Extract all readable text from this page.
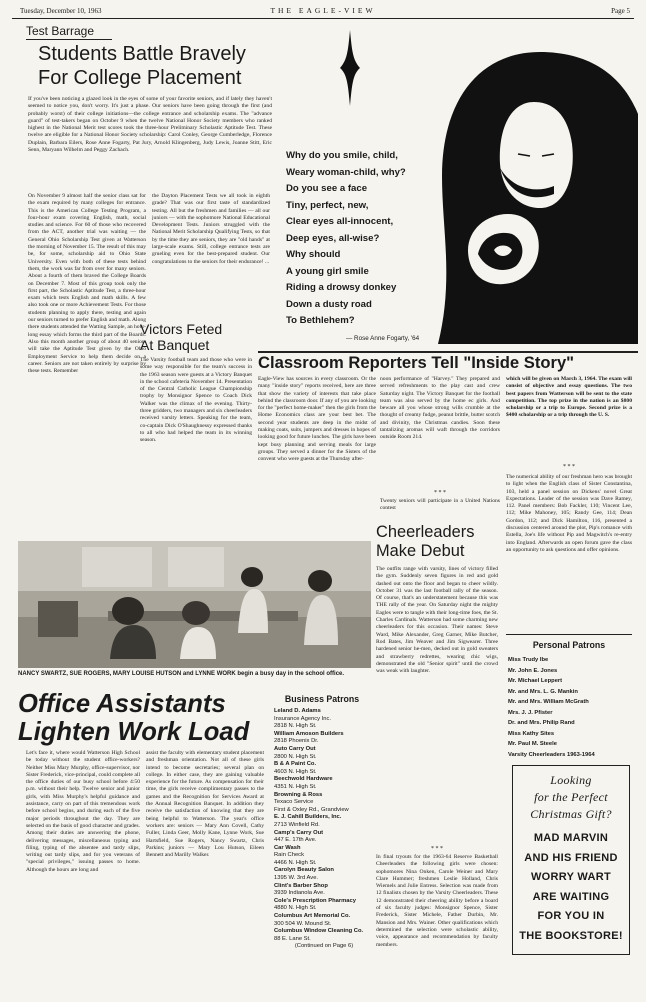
Tuesday, December 10, 1963	THE EAGLE-VIEW	Page 5
Test Barrage
Students Battle Bravely
For College Placement
If you've been noticing a glazed look in the eyes of some of your favorite seniors, and if lately they haven't seemed to notice you, don't worry. It's just a phase. Our seniors have been going through the first (and probably worst) of their college initiations—the college entrance and scholarship exams. The "advance guard" of test-takers began on October 9 when the twelve National Honor Society members who ranked highest in the National Merit test scores took the three-hour Preliminary Scholastic Aptitude Test. These twelve are eligible for a National Honor Society scholarship: Carol Conley, George Cumberledge, Florence Duplain, Barbara Eilers, Rose Anne Fogarty, Pat Jury, Arnold Klingenberg, Judy Lewis, Joanne Stitt, Eric Senn, Maryann Wilhelm and Peggy Zachach.
On November 9 almost half the senior class sat for the exam required by many colleges for entrance. This is the American College Testing Program, a four-hour exam covering English, math, social studies and science. For 60 of those who recovered from the ACT, another trial was waiting — the General Ohio Scholarship Test given at Watterson the morning of November 15. The result of this may be, for some, scholarship aid to Ohio State University. Even with both of these tests behind them, the work was far from over for many seniors. About a fourth of them braved the College Boards on December 7. Most of this group took only the first part, the Scholastic Aptitude Test, a three-hour exam which tests English and math skills. A few also took one or more Achievement Tests. For those students planning to apply there, testing and again our seniors turned to prefer English and math. Along there students attended the Watting Sample, an hour-long essay which forms the third part of the Boards. Also this month another group of about 40 seniors will take the Aptitude Test given by the Ohio Employment Service to help them decide on a career. Seniors are not taken entirely by surprise by these tests. Remember
the Dayton Placement Tests we all took in eighth grade? That was our first taste of standardized testing. All but the freshmen and families — all our juniors — with the sophomore National Educational Development Tests. Juniors struggled with the National Merit Scholarship Qualifying Tests, so that by the time they are seniors, they are "old hands" at large-scale exams. Still, college entrance tests are grueling even for the best-prepared student. Our congratulations to the seniors for their endurance! ...
Why do you smile, child,
Weary woman-child, why?
Do you see a face
Tiny, perfect, new,
Clear eyes all-innocent,
Deep eyes, all-wise?
Why should
A young girl smile
Riding a drowsy donkey
Down a dusty road
To Bethlehem?
— Rose Anne Fogarty, '64
Victors Feted
At Banquet
The Varsity football team and those who were in some way responsible for the team's success in the 1963 season were guests at a Victory Banquet in the school cafeteria November 14. Presentation of the Central Catholic League Championship trophy by Monsignor Spence to Coach Dick Walker was the climax of the evening. Thirty-three gridders, two managers and six cheerleaders received varsity letters. Speaking for the team, co-captain Dick O'Shaughnessy expressed thanks to all who had helped the team in its winning season.
Classroom Reporters Tell "Inside Story"
Eagle-View has sources in every classroom. Or the many "inside story" reports received, here are three that show the variety of interests that take place behind the classroom door. If any of you are looking for the "perfect home-maker" then the girls from the Home Economics class are your best bet. The second year students are deep in the midst of making coats, suits, jumpers and dresses in hopes of looking good for future lunches. The girls have been kept busy planning and serving meals for large groups. They served a dinner for the Sisters of the convent who were guests at the Thursday after-
noon performance of "Harvey." They prepared and served refreshments to the play cast and crew Saturday night. The Victory Banquet for the football team was also served by the home ec girls. And beware all you whose strong wills crumble at the thought of creamy fudge, peanut brittle, butter scotch and divinity, the Christmas candies. Soon these tantalizing aromas will waft through the corridors outside Room 214.
* * *
Twenty seniors will participate in a United Nations contest
which will be given on March 3, 1964. The exam will consist of objective and essay questions. The two best papers from Watterson will be sent to the state competition. The top prize in the nation is an $800 scholarship or a trip to Europe. Second prize is a $400 scholarship or a trip through the U. S.
* * *
The numerical ability of our freshman hero was brought to light when the English class of Sister Constantina, 103, held a panel session on Dickens' novel Great Expectations. Leader of the session was Dave Ramey, 112. Panel members: Bob Fackler, 110; Vincent Lee, 112; Mike Mahoney, 105; Randy Gee, 114; Dean Gordon, 112; and Dick Hamilton, 116, presented a discussion centered around the plot, Pip's romance with Estella, Joe's life without Pip and Magwitch's re-entry into England. Afterwards an open forum gave the class an opportunity to ask questions and offer opinions.
Cheerleaders
Make Debut
The outfits range with varsity, lines of victory filled the gym. Suddenly seven figures in red and gold dashed out onto the floor and began to cheer wildly. October 31 was the last football rally of the season. Of course, that's an understatement because this was THE rally of the year. On Saturday night the mighty Eagles were to tangle with their long-time foes, the St. Charles Cardinals. Watterson had some charming new cheerleaders for this occasion. Their names: Steve Ward, Mike Alexander, Greg Garner, Mike Butcher, Rod Bates, Jim Weaver and Jim Sigwearer. Three hardened senior he-men, decked out in gold sweaters and strawberry redrettes, wearing chic wigs, demonstrated the old "Senior spirit" until the crowd was weak with laughter.
* * *
In final tryouts for the 1963-64 Reserve Basketball Cheerleaders the following girls were chosen: sophomores Nina Onken, Carole Weiner and Mary Clare Hummer; freshmen Leslie Holland, Chris Wiemels and Julie Entress. Selection was made from 12 finalists chosen by the Varsity Cheerleaders. These 12 demonstrated their cheering ability before a board of six faculty judges: Monsignor Spence, Sister Frederick, Sister Michele, Father Durbin, Mr. Mansion and Mrs. Wainer. Other qualifications which determined the selection were scholastic ability, voice, appearance and recommendation by faculty members.
NANCY SWARTZ, SUE ROGERS, MARY LOUISE HUTSON and LYNNE WORK begin a busy day in the school office.
Office Assistants
Lighten Work Load
Let's face it, where would Watterson High School be today without the student office-workers? Neither Miss Mary Murphy, office-supervisor, nor Sister Frederick, vice-principal, could complete all the office duties of our busy school before 4:50 p.m. without their help. Twelve senior and junior girls, with Miss Murphy's helpful guidance and assistance, carry on part of this tremendous work before school begins, and during each of the five major periods throughout the day. They are selected on the basis of good character and grades. Among their duties are answering the phone, delivering messages, miscellaneous typing and filing, typing of the absentee and tardy slips, writing out tardy slips, and for you veterans of "special privileges," issuing passes to home. Although the hours are long and
assist the faculty with elementary student placement and freshman orientation. Not all of these girls intend to become secretaries; several plan on college. In either case, they are gaining valuable experience for the future. As compensation for their time, the girls receive complimentary passes to the games and the Recognition for Services Award at the Annual Recognition Banquet. In addition they receive the satisfaction of knowing that they are being helpful to Watterson. The year's office workers are: seniors — Mary Ann Covell, Cathy Fuller, Linda Geer, Molly Kane, Lynne Work, Sue Hartsfield, Sue Rogers, Nancy Swartz, Chris Parkins; juniors — Mary Lou Hutson, Eileen Bennett and Marilly Walker.
Business Patrons
Leland D. Adams
Insurance Agency Inc.
2818 N. High St.
William Amoson Builders
2818 Phoenix Dr.
Auto Carry Out
2800 N. High St.
B & A Paint Co.
4603 N. High St.
Beechwold Hardware
4351 N. High St.
Browning & Ross
Texaco Service
First & Oxley Rd., Grandview
E. J. Cahill Builders, Inc.
2713 Winfield Rd.
Camp's Carry Out
447 E. 17th Ave.
Car Wash
Rain Check
4466 N. High St.
Carolyn Beauty Salon
1395 W. 3rd Ave.
Clint's Barber Shop
3939 Indianola Ave.
Cole's Prescription Pharmacy
4880 N. High St.
Columbus Art Memorial Co.
300 504 W. Mound St.
Columbus Window Cleaning Co.
88 E. Lane St.
(Continued on Page 6)
Personal Patrons
Miss Trudy Ibe
Mr. John E. Jones
Mr. Michael Leppert
Mr. and Mrs. L. G. Mankin
Mr. and Mrs. William McGrath
Mrs. J. J. Pfister
Dr. and Mrs. Philip Rand
Miss Kathy Sites
Mr. Paul M. Steele
Varsity Cheerleaders 1963-1964
Looking
for the Perfect
Christmas Gift?
MAD MARVIN
AND HIS FRIEND
WORRY WART
ARE WAITING
FOR YOU IN
THE BOOKSTORE!
